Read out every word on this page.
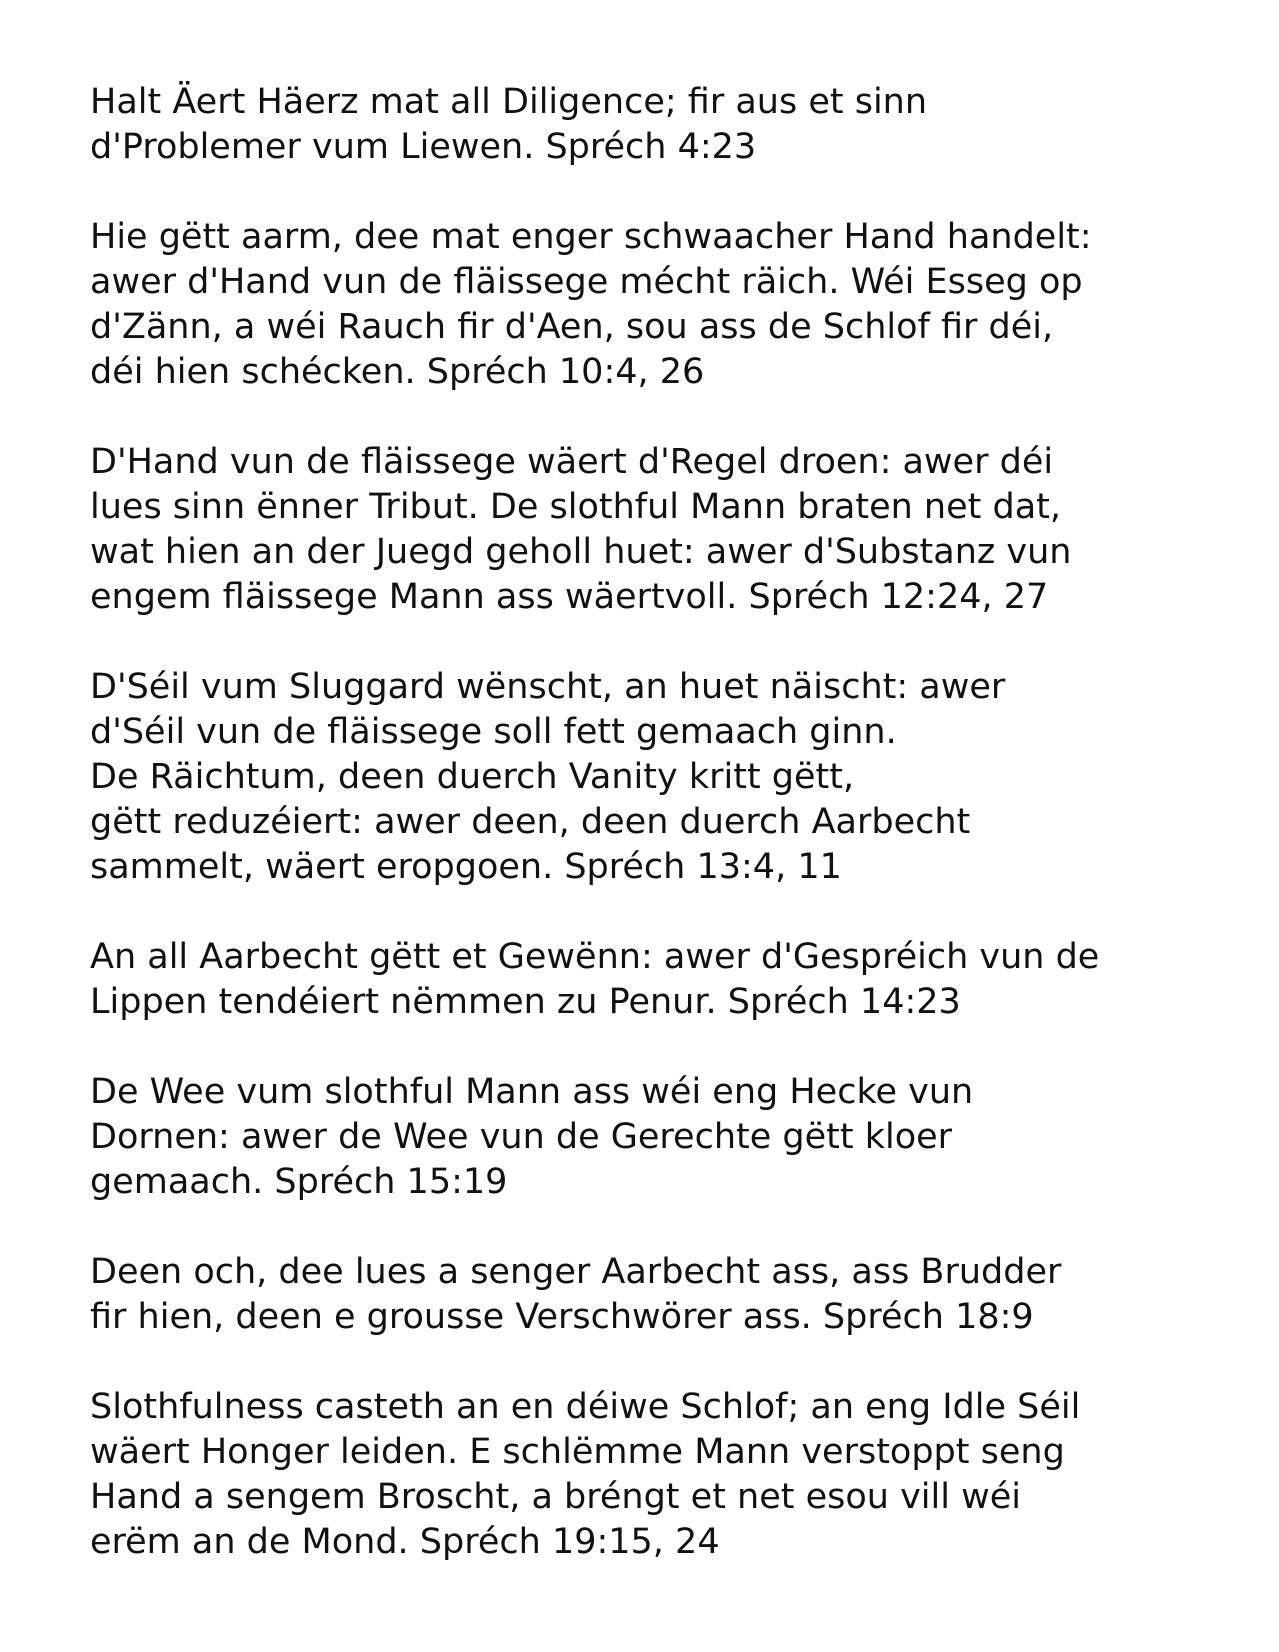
Halt Äert Häerz mat all Diligence; fir aus et sinn
d'Problemer vum Liewen. Spréch 4:23
Hie gëtt aarm, dee mat enger schwaacher Hand handelt:
awer d'Hand vun de fläissege mécht räich. Wéi Esseg op
d'Zänn, a wéi Rauch fir d'Aen, sou ass de Schlof fir déi,
déi hien schécken. Spréch 10:4, 26
D'Hand vun de fläissege wäert d'Regel droen: awer déi
lues sinn ënner Tribut. De slothful Mann braten net dat,
wat hien an der Juegd geholl huet: awer d'Substanz vun
engem fläissege Mann ass wäertvoll. Spréch 12:24, 27
D'Séil vum Sluggard wënscht, an huet näischt: awer
d'Séil vun de fläissege soll fett gemaach ginn.
De Räichtum, deen duerch Vanity kritt gëtt,
gëtt reduzéiert: awer deen, deen duerch Aarbecht
sammelt, wäert eropgoen. Spréch 13:4, 11
An all Aarbecht gëtt et Gewënn: awer d'Gespréich vun de
Lippen tendéiert nëmmen zu Penur. Spréch 14:23
De Wee vum slothful Mann ass wéi eng Hecke vun
Dornen: awer de Wee vun de Gerechte gëtt kloer
gemaach. Spréch 15:19
Deen och, dee lues a senger Aarbecht ass, ass Brudder
fir hien, deen e grousse Verschwörer ass. Spréch 18:9
Slothfulness casteth an en déiwe Schlof; an eng Idle Séil
wäert Honger leiden. E schlëmme Mann verstoppt seng
Hand a sengem Broscht, a bréngt et net esou vill wéi
erëm an de Mond. Spréch 19:15, 24
